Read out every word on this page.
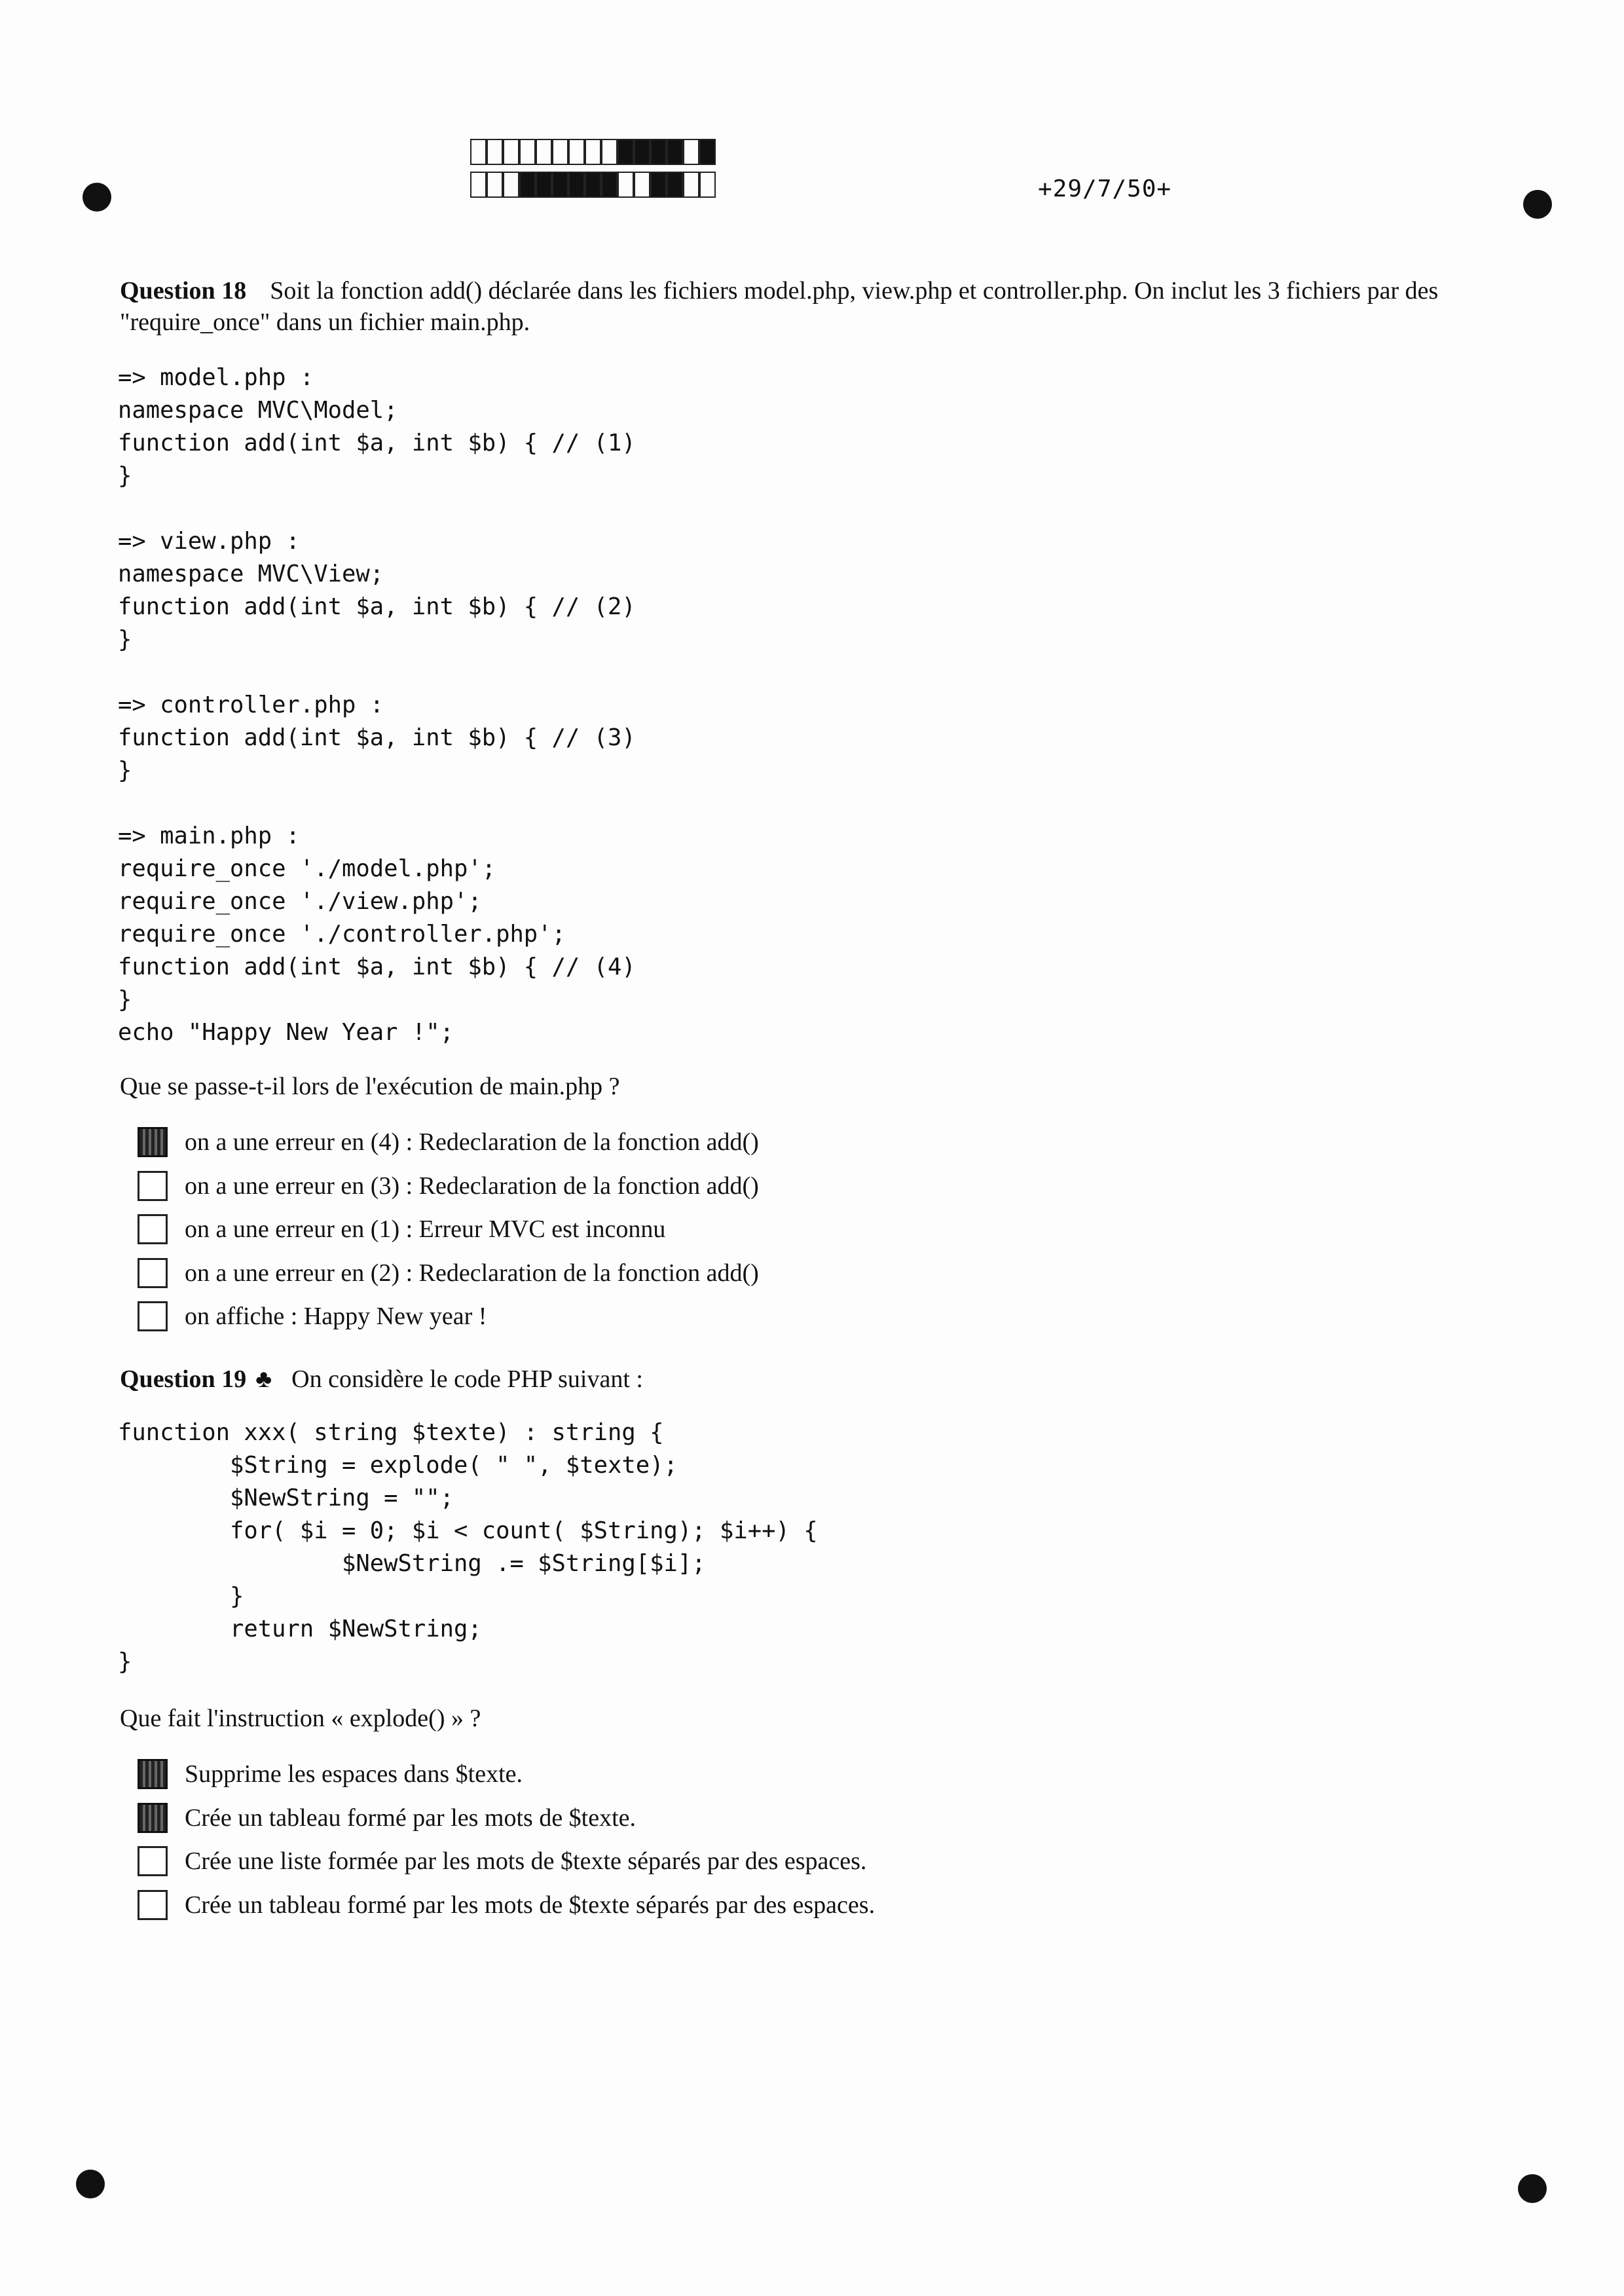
+29/7/50+
Question 18 Soit la fonction add() déclarée dans les fichiers model.php, view.php et controller.php. On inclut les 3 fichiers par des "require_once" dans un fichier main.php.
=> model.php :
namespace MVC\Model;
function add(int $a, int $b) { // (1)
}

=> view.php :
namespace MVC\View;
function add(int $a, int $b) { // (2)
}

=> controller.php :
function add(int $a, int $b) { // (3)
}

=> main.php :
require_once './model.php';
require_once './view.php';
require_once './controller.php';
function add(int $a, int $b) { // (4)
}
echo "Happy New Year !";
Que se passe-t-il lors de l'exécution de main.php ?
on a une erreur en (4) : Redeclaration de la fonction add()
on a une erreur en (3) : Redeclaration de la fonction add()
on a une erreur en (1) : Erreur MVC est inconnu
on a une erreur en (2) : Redeclaration de la fonction add()
on affiche : Happy New year !
Question 19 ♣ On considère le code PHP suivant :
function xxx( string $texte) : string {
$String = explode( " ", $texte);
$NewString = "";
for( $i = 0; $i < count( $String); $i++) {
$NewString .= $String[$i];
}
return $NewString;
}
Que fait l'instruction « explode() » ?
Supprime les espaces dans $texte.
Crée un tableau formé par les mots de $texte.
Crée une liste formée par les mots de $texte séparés par des espaces.
Crée un tableau formé par les mots de $texte séparés par des espaces.
